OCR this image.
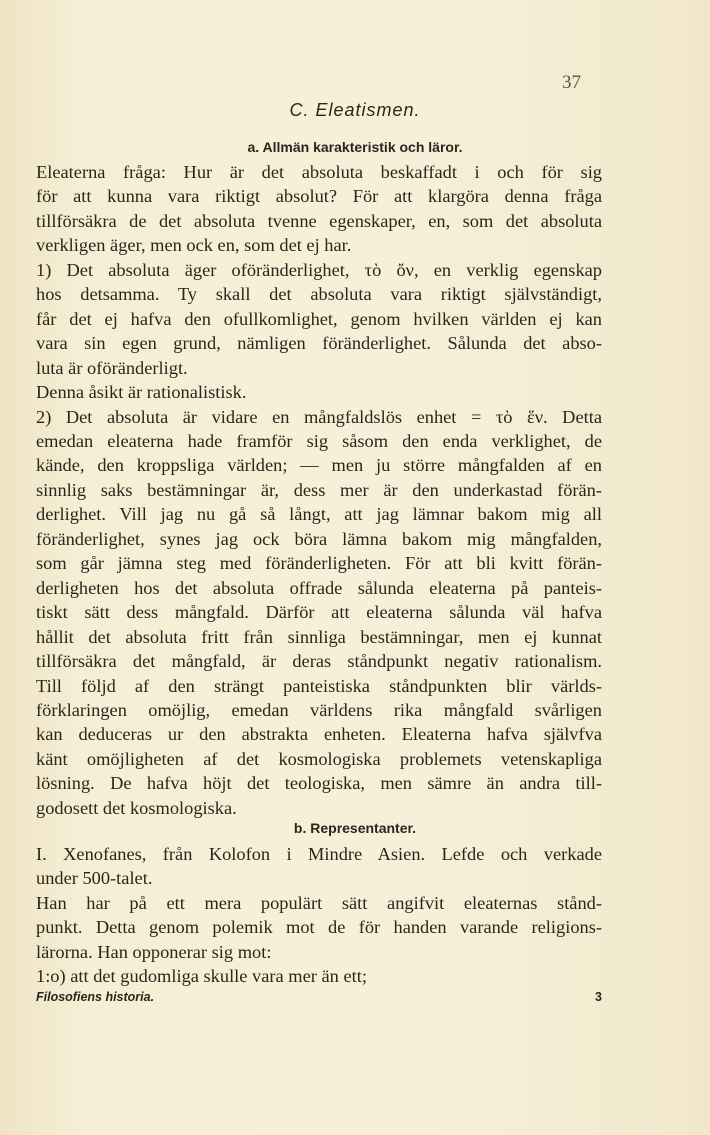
37
C. Eleatismen.
a. Allmän karakteristik och läror.
Eleaterna fråga: Hur är det absoluta beskaffadt i och för sig
för att kunna vara riktigt absolut? För att klargöra denna fråga
tillförsäkra de det absoluta tvenne egenskaper, en, som det absoluta
verkligen äger, men ock en, som det ej har.
1) Det absoluta äger oföränderlighet, τὸ ὄν, en verklig egenskap
hos detsamma. Ty skall det absoluta vara riktigt självständigt,
får det ej hafva den ofullkomlighet, genom hvilken världen ej kan
vara sin egen grund, nämligen föränderlighet. Sålunda det abso-
luta är oföränderligt.
Denna åsikt är rationalistisk.
2) Det absoluta är vidare en mångfaldslös enhet = τὸ ἕν. Detta
emedan eleaterna hade framför sig såsom den enda verklighet, de
kände, den kroppsliga världen; — men ju större mångfalden af en
sinnlig saks bestämningar är, dess mer är den underkastad förän-
derlighet. Vill jag nu gå så långt, att jag lämnar bakom mig all
föränderlighet, synes jag ock böra lämna bakom mig mångfalden,
som går jämna steg med föränderligheten. För att bli kvitt förän-
derligheten hos det absoluta offrade sålunda eleaterna på panteis-
tiskt sätt dess mångfald. Därför att eleaterna sålunda väl hafva
hållit det absoluta fritt från sinnliga bestämningar, men ej kunnat
tillförsäkra det mångfald, är deras ståndpunkt negativ rationalism.
Till följd af den strängt panteistiska ståndpunkten blir världs-
förklaringen omöjlig, emedan världens rika mångfald svårligen
kan deduceras ur den abstrakta enheten. Eleaterna hafva självfva
känt omöjligheten af det kosmologiska problemets vetenskapliga
lösning. De hafva höjt det teologiska, men sämre än andra till-
godosett det kosmologiska.
b. Representanter.
I. Xenofanes, från Kolofon i Mindre Asien. Lefde och verkade
under 500-talet.
Han har på ett mera populärt sätt angifvit eleaternas stånd-
punkt. Detta genom polemik mot de för handen varande religions-
lärorna. Han opponerar sig mot:
1:o) att det gudomliga skulle vara mer än ett;
Filosofiens historia.	3
